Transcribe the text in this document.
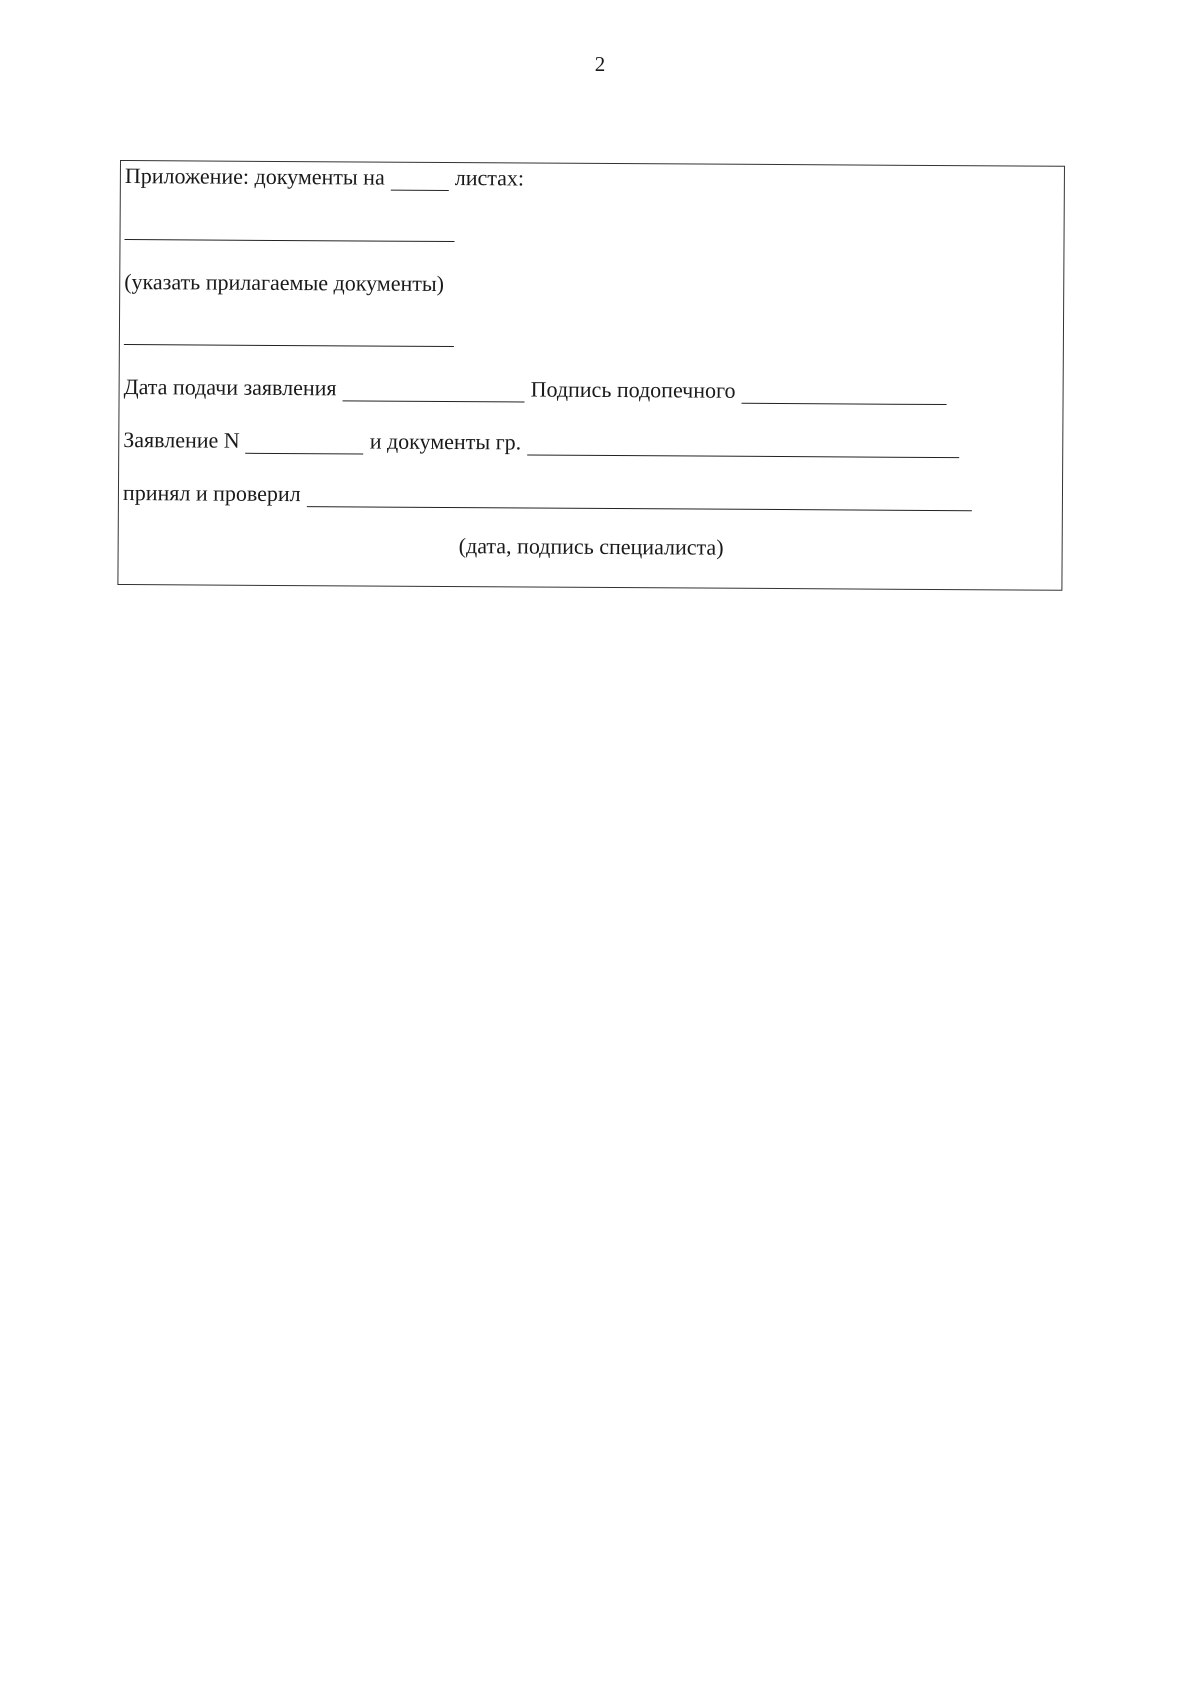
2
Приложение: документы на	листах:
(указать прилагаемые документы)
Дата подачи заявления	Подпись подопечного
Заявление N	и документы гр.
принял и проверил
(дата, подпись специалиста)
